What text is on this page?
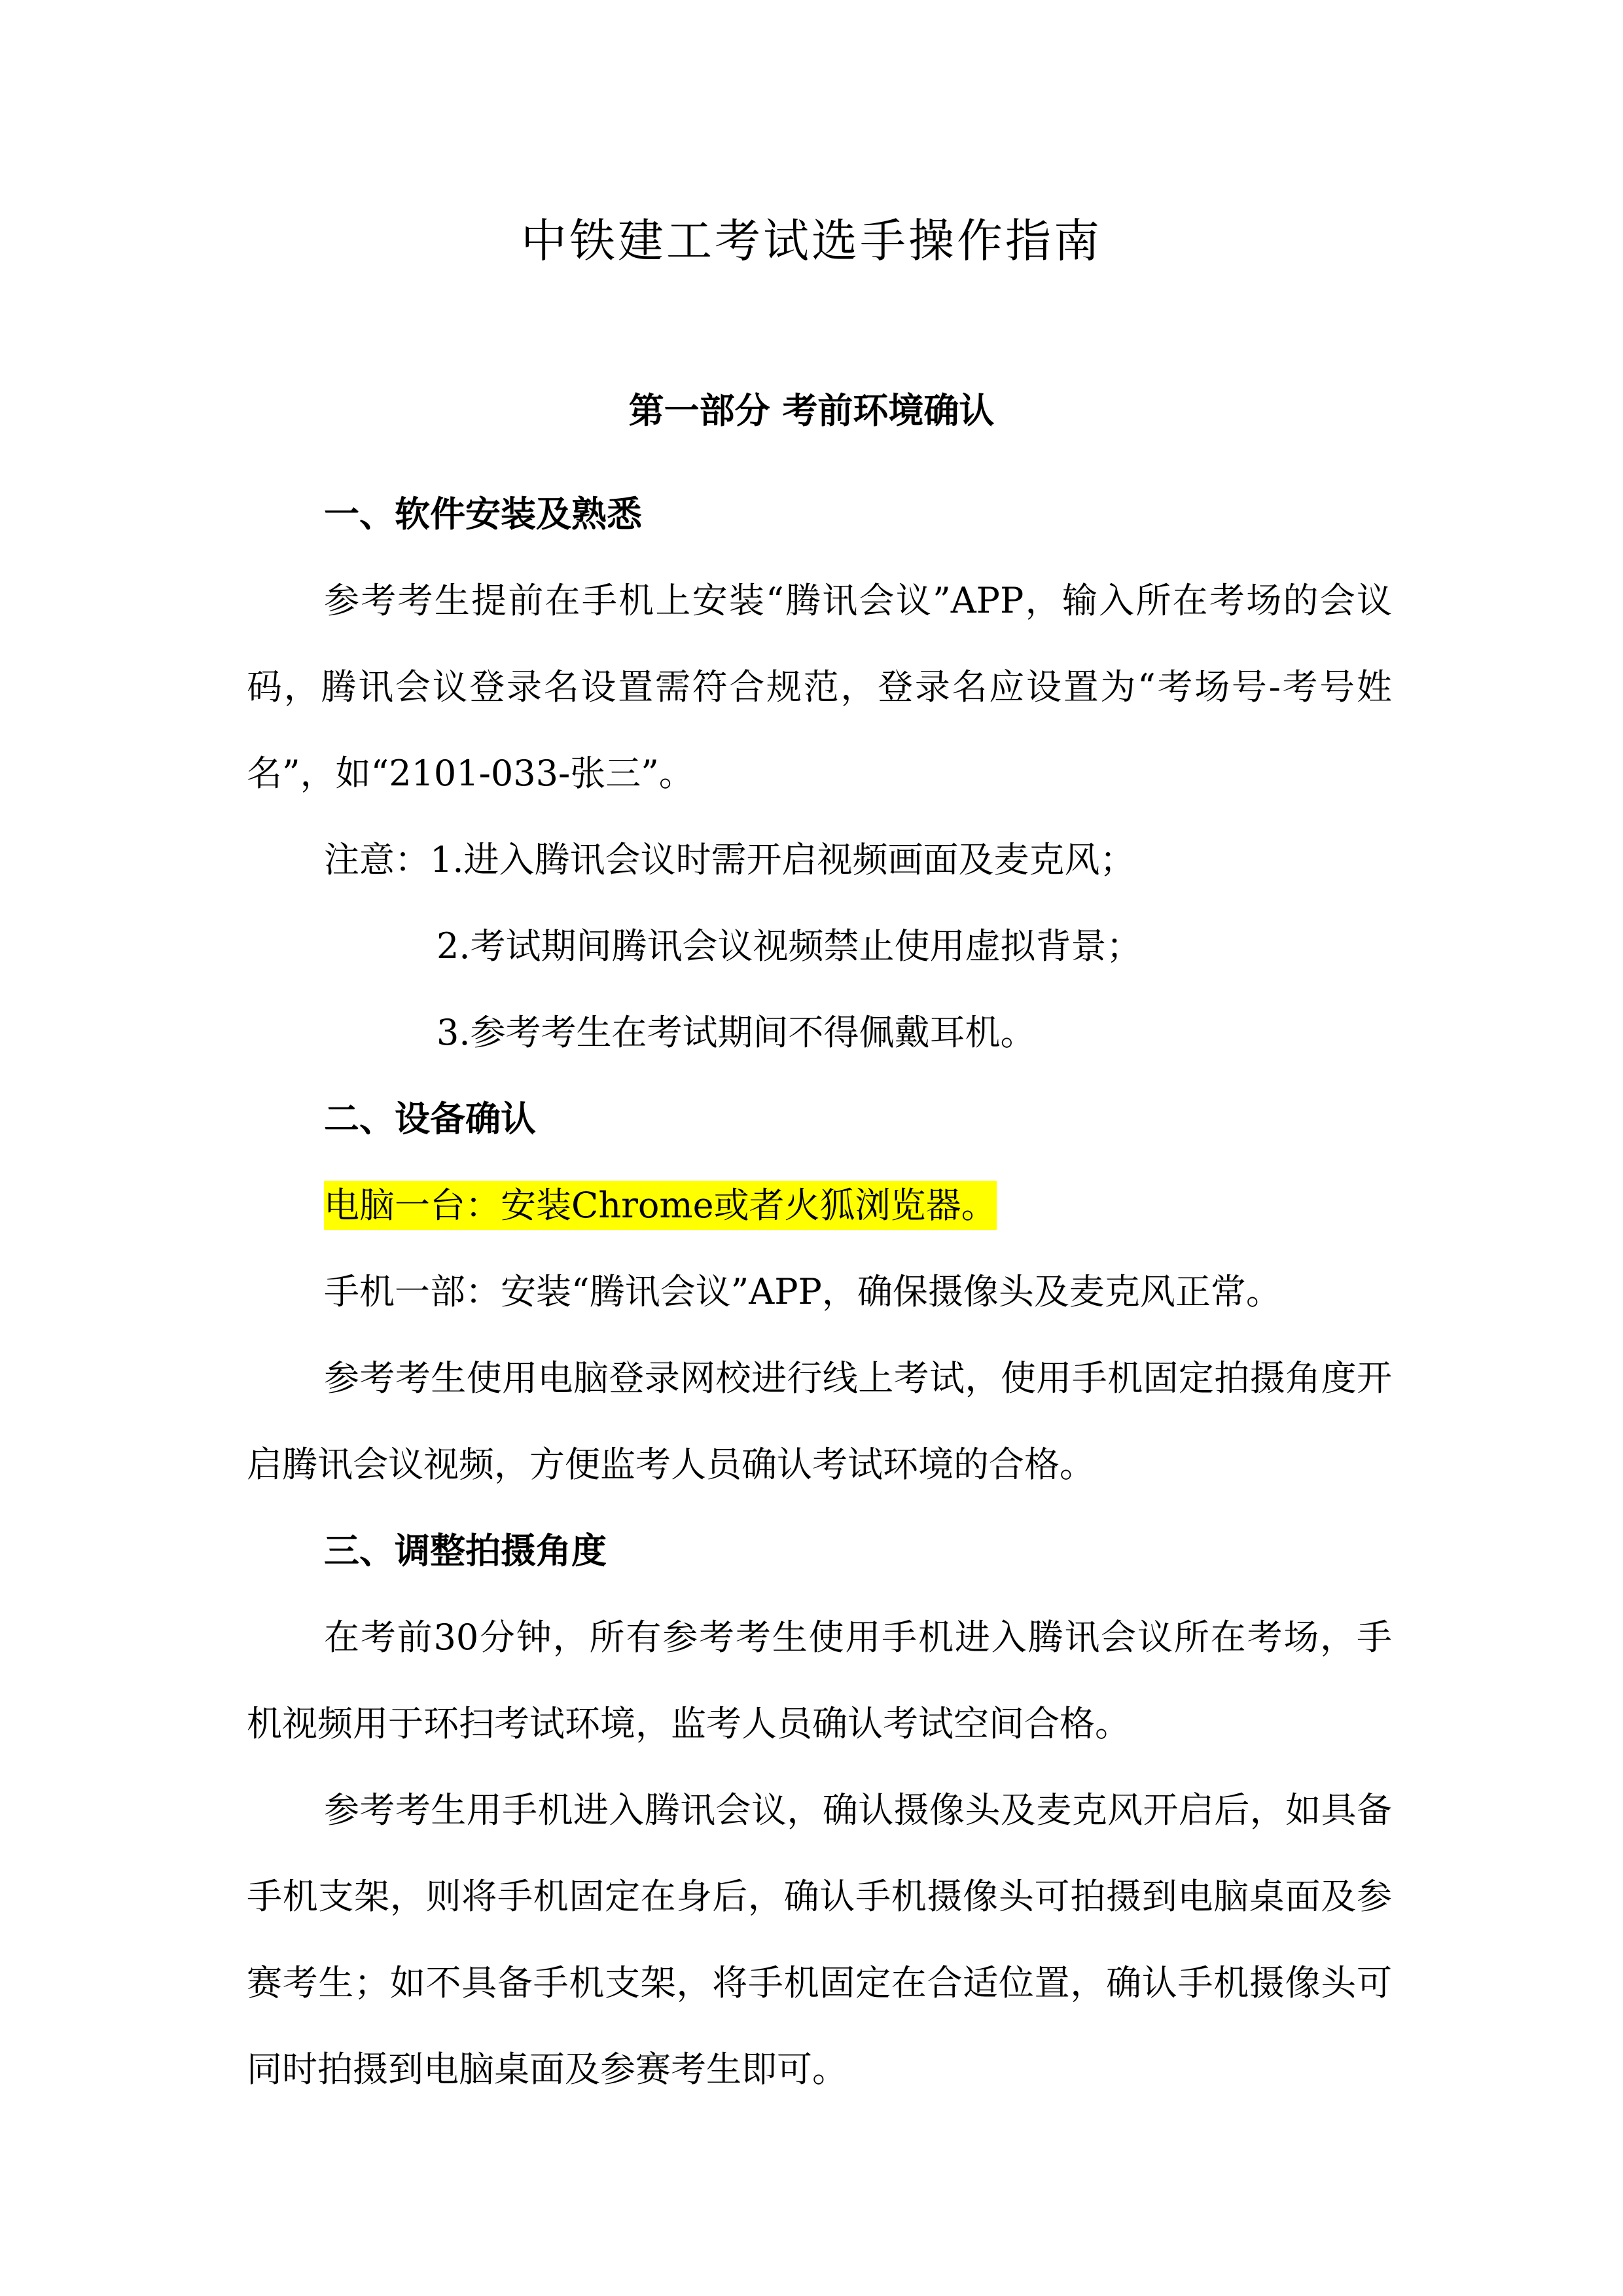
中铁建工考试选手操作指南
第一部分 考前环境确认

一、软件安装及熟悉

参考考生提前在手机上安装“腾讯会议”APP，输入所在考场的会议码，腾讯会议登录名设置需符合规范，登录名应设置为“考场号-考号姓名”，如“2101-033-张三”。

注意：1.进入腾讯会议时需开启视频画面及麦克风；

2.考试期间腾讯会议视频禁止使用虚拟背景；

3.参考考生在考试期间不得佩戴耳机。

二、设备确认

电脑一台：安装Chrome或者火狐浏览器。

手机一部：安装“腾讯会议”APP，确保摄像头及麦克风正常。

参考考生使用电脑登录网校进行线上考试，使用手机固定拍摄角度开启腾讯会议视频，方便监考人员确认考试环境的合格。

三、调整拍摄角度

在考前30分钟，所有参考考生使用手机进入腾讯会议所在考场，手机视频用于环扫考试环境，监考人员确认考试空间合格。

参考考生用手机进入腾讯会议，确认摄像头及麦克风开启后，如具备手机支架，则将手机固定在身后，确认手机摄像头可拍摄到电脑桌面及参赛考生；如不具备手机支架，将手机固定在合适位置，确认手机摄像头可同时拍摄到电脑桌面及参赛考生即可。
